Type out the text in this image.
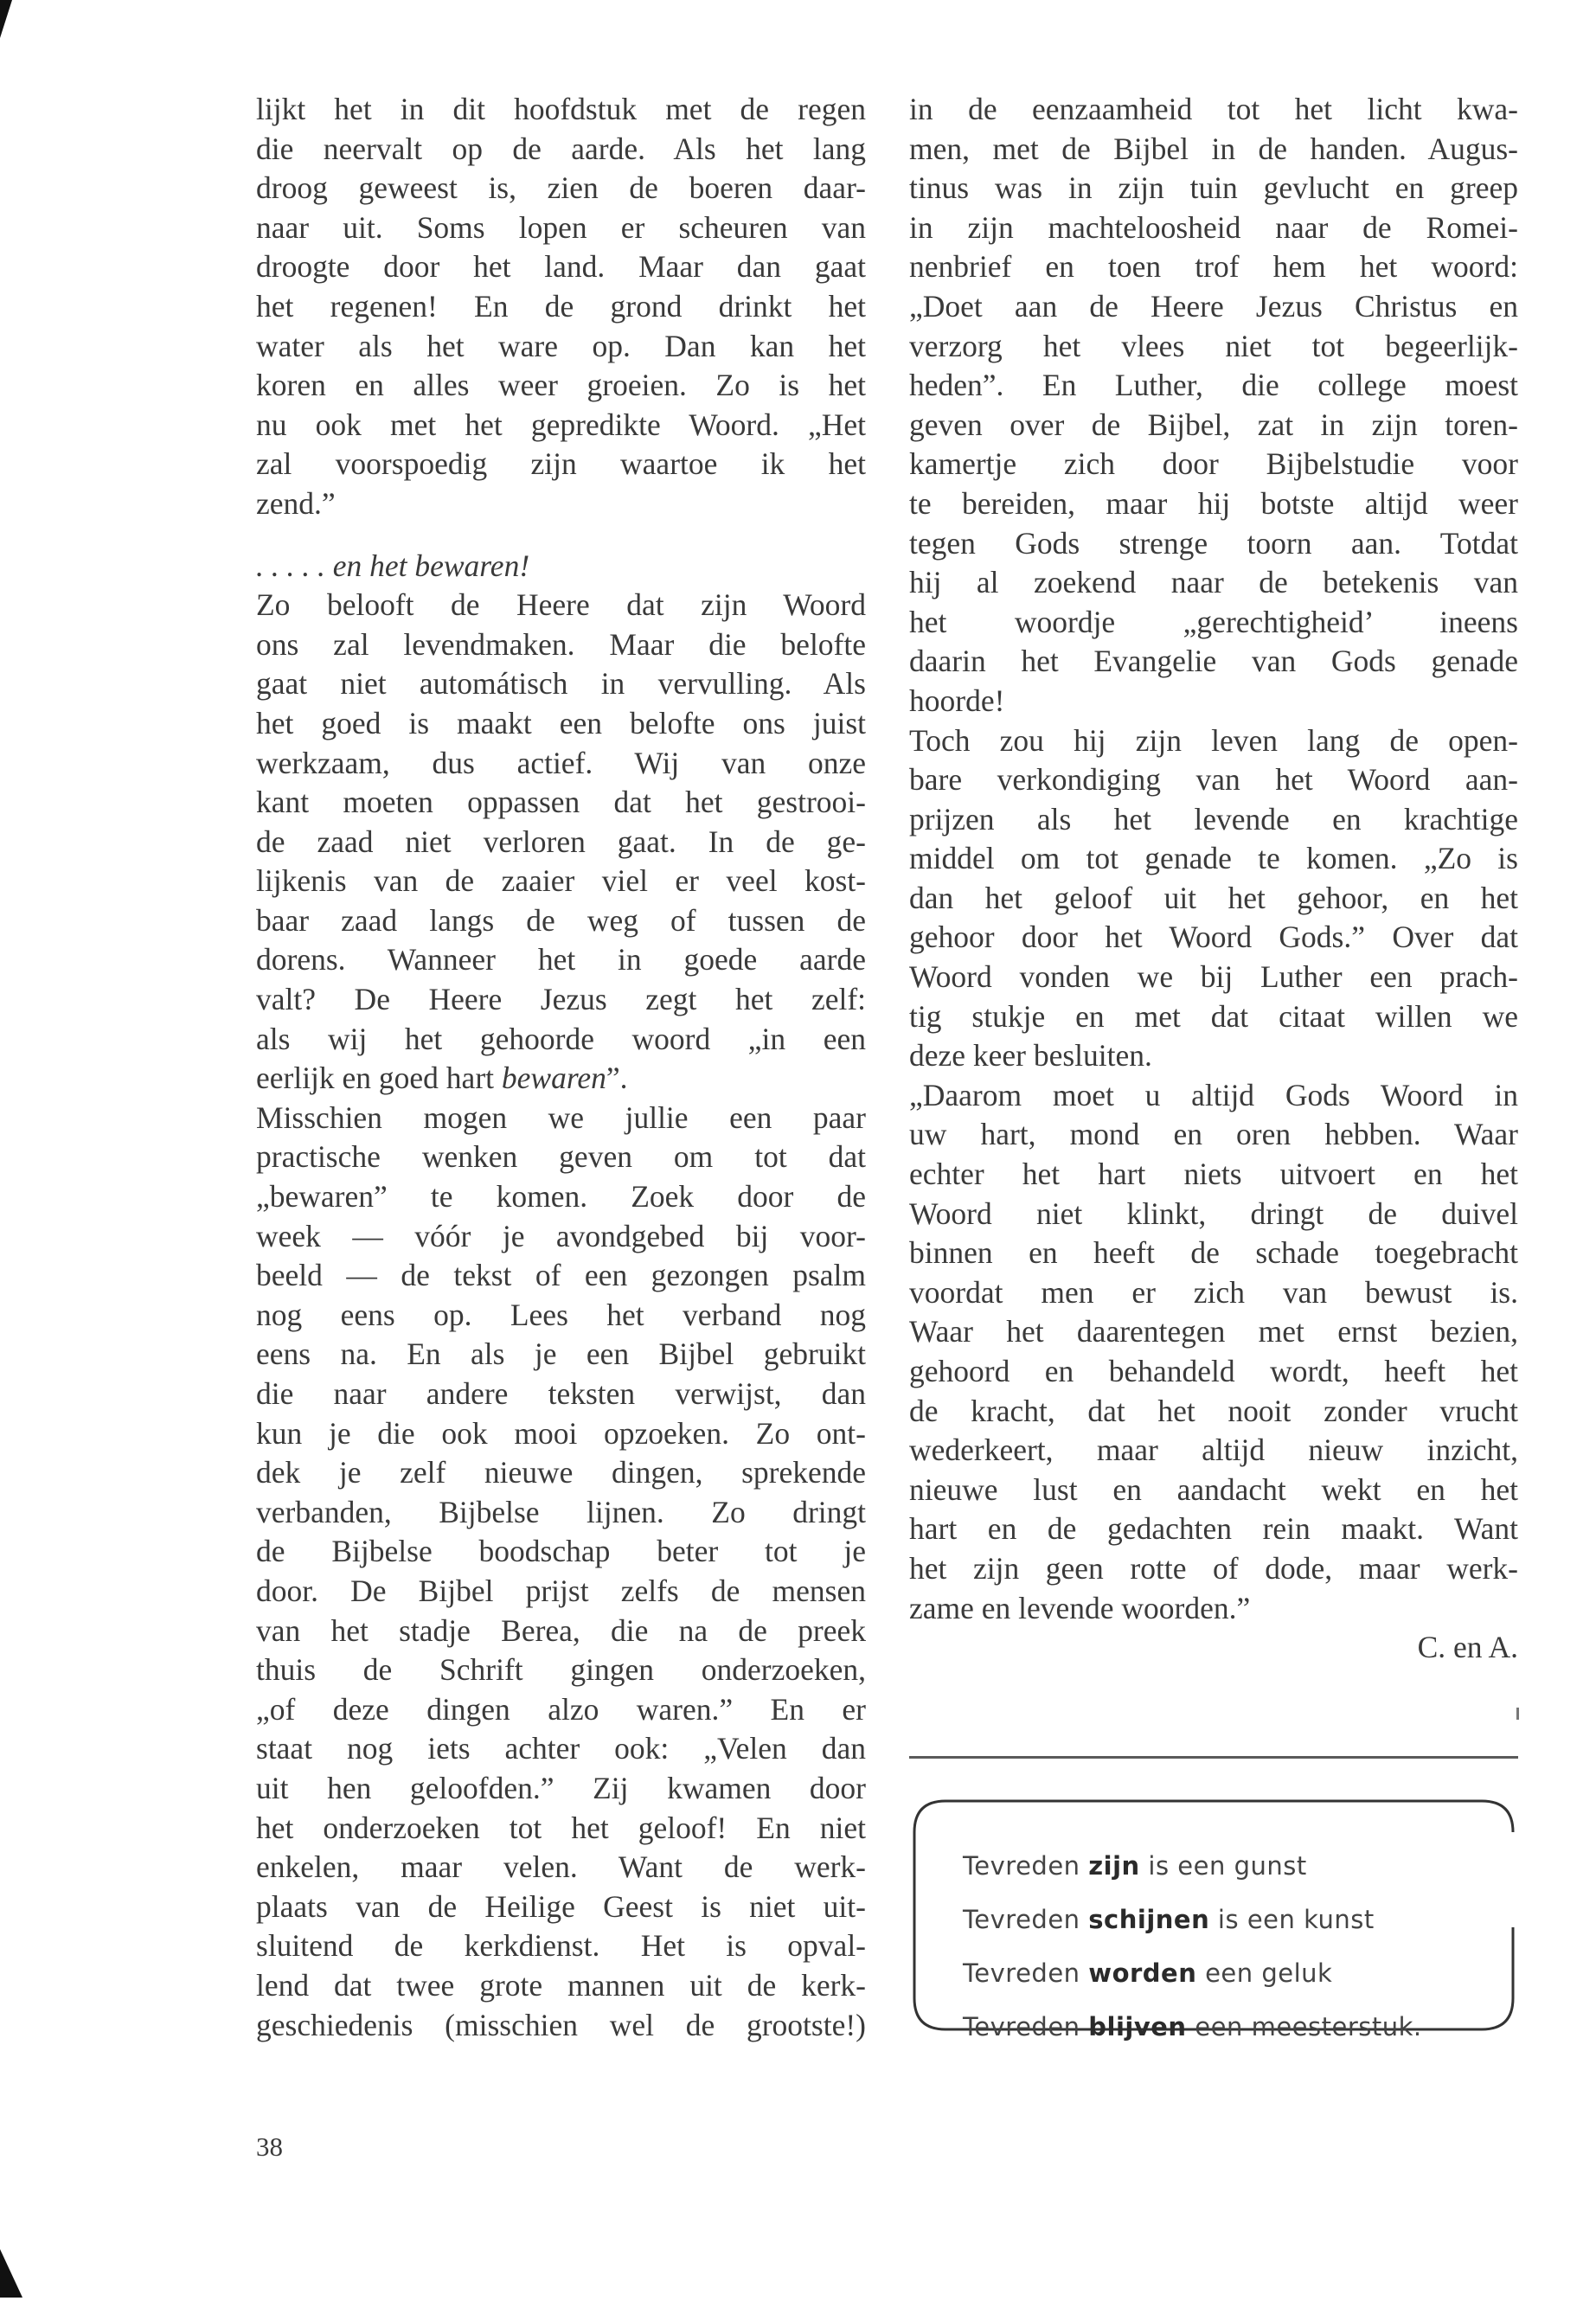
lijkt het in dit hoofdstuk met de regen
die neervalt op de aarde. Als het lang
droog geweest is, zien de boeren daar-
naar uit. Soms lopen er scheuren van
droogte door het land. Maar dan gaat
het regenen! En de grond drinkt het
water als het ware op. Dan kan het
koren en alles weer groeien. Zo is het
nu ook met het gepredikte Woord. „Het
zal voorspoedig zijn waartoe ik het
zend.”
. . . . . en het bewaren!
Zo belooft de Heere dat zijn Woord
ons zal levendmaken. Maar die belofte
gaat niet automátisch in vervulling. Als
het goed is maakt een belofte ons juist
werkzaam, dus actief. Wij van onze
kant moeten oppassen dat het gestrooi-
de zaad niet verloren gaat. In de ge-
lijkenis van de zaaier viel er veel kost-
baar zaad langs de weg of tussen de
dorens. Wanneer het in goede aarde
valt? De Heere Jezus zegt het zelf:
als wij het gehoorde woord „in een
eerlijk en goed hart bewaren”.
Misschien mogen we jullie een paar
practische wenken geven om tot dat
„bewaren” te komen. Zoek door de
week — vóór je avondgebed bij voor-
beeld — de tekst of een gezongen psalm
nog eens op. Lees het verband nog
eens na. En als je een Bijbel gebruikt
die naar andere teksten verwijst, dan
kun je die ook mooi opzoeken. Zo ont-
dek je zelf nieuwe dingen, sprekende
verbanden, Bijbelse lijnen. Zo dringt
de Bijbelse boodschap beter tot je
door. De Bijbel prijst zelfs de mensen
van het stadje Berea, die na de preek
thuis de Schrift gingen onderzoeken,
„of deze dingen alzo waren.” En er
staat nog iets achter ook: „Velen dan
uit hen geloofden.” Zij kwamen door
het onderzoeken tot het geloof! En niet
enkelen, maar velen. Want de werk-
plaats van de Heilige Geest is niet uit-
sluitend de kerkdienst. Het is opval-
lend dat twee grote mannen uit de kerk-
geschiedenis (misschien wel de grootste!)
in de eenzaamheid tot het licht kwa-
men, met de Bijbel in de handen. Augus-
tinus was in zijn tuin gevlucht en greep
in zijn machteloosheid naar de Romei-
nenbrief en toen trof hem het woord:
„Doet aan de Heere Jezus Christus en
verzorg het vlees niet tot begeerlijk-
heden”. En Luther, die college moest
geven over de Bijbel, zat in zijn toren-
kamertje zich door Bijbelstudie voor
te bereiden, maar hij botste altijd weer
tegen Gods strenge toorn aan. Totdat
hij al zoekend naar de betekenis van
het woordje „gerechtigheid’ ineens
daarin het Evangelie van Gods genade
hoorde!
Toch zou hij zijn leven lang de open-
bare verkondiging van het Woord aan-
prijzen als het levende en krachtige
middel om tot genade te komen. „Zo is
dan het geloof uit het gehoor, en het
gehoor door het Woord Gods.” Over dat
Woord vonden we bij Luther een prach-
tig stukje en met dat citaat willen we
deze keer besluiten.
„Daarom moet u altijd Gods Woord in
uw hart, mond en oren hebben. Waar
echter het hart niets uitvoert en het
Woord niet klinkt, dringt de duivel
binnen en heeft de schade toegebracht
voordat men er zich van bewust is.
Waar het daarentegen met ernst bezien,
gehoord en behandeld wordt, heeft het
de kracht, dat het nooit zonder vrucht
wederkeert, maar altijd nieuw inzicht,
nieuwe lust en aandacht wekt en het
hart en de gedachten rein maakt. Want
het zijn geen rotte of dode, maar werk-
zame en levende woorden.”
C. en A.
Tevreden zijn is een gunst
Tevreden schijnen is een kunst
Tevreden worden een geluk
Tevreden blijven een meesterstuk.
38
